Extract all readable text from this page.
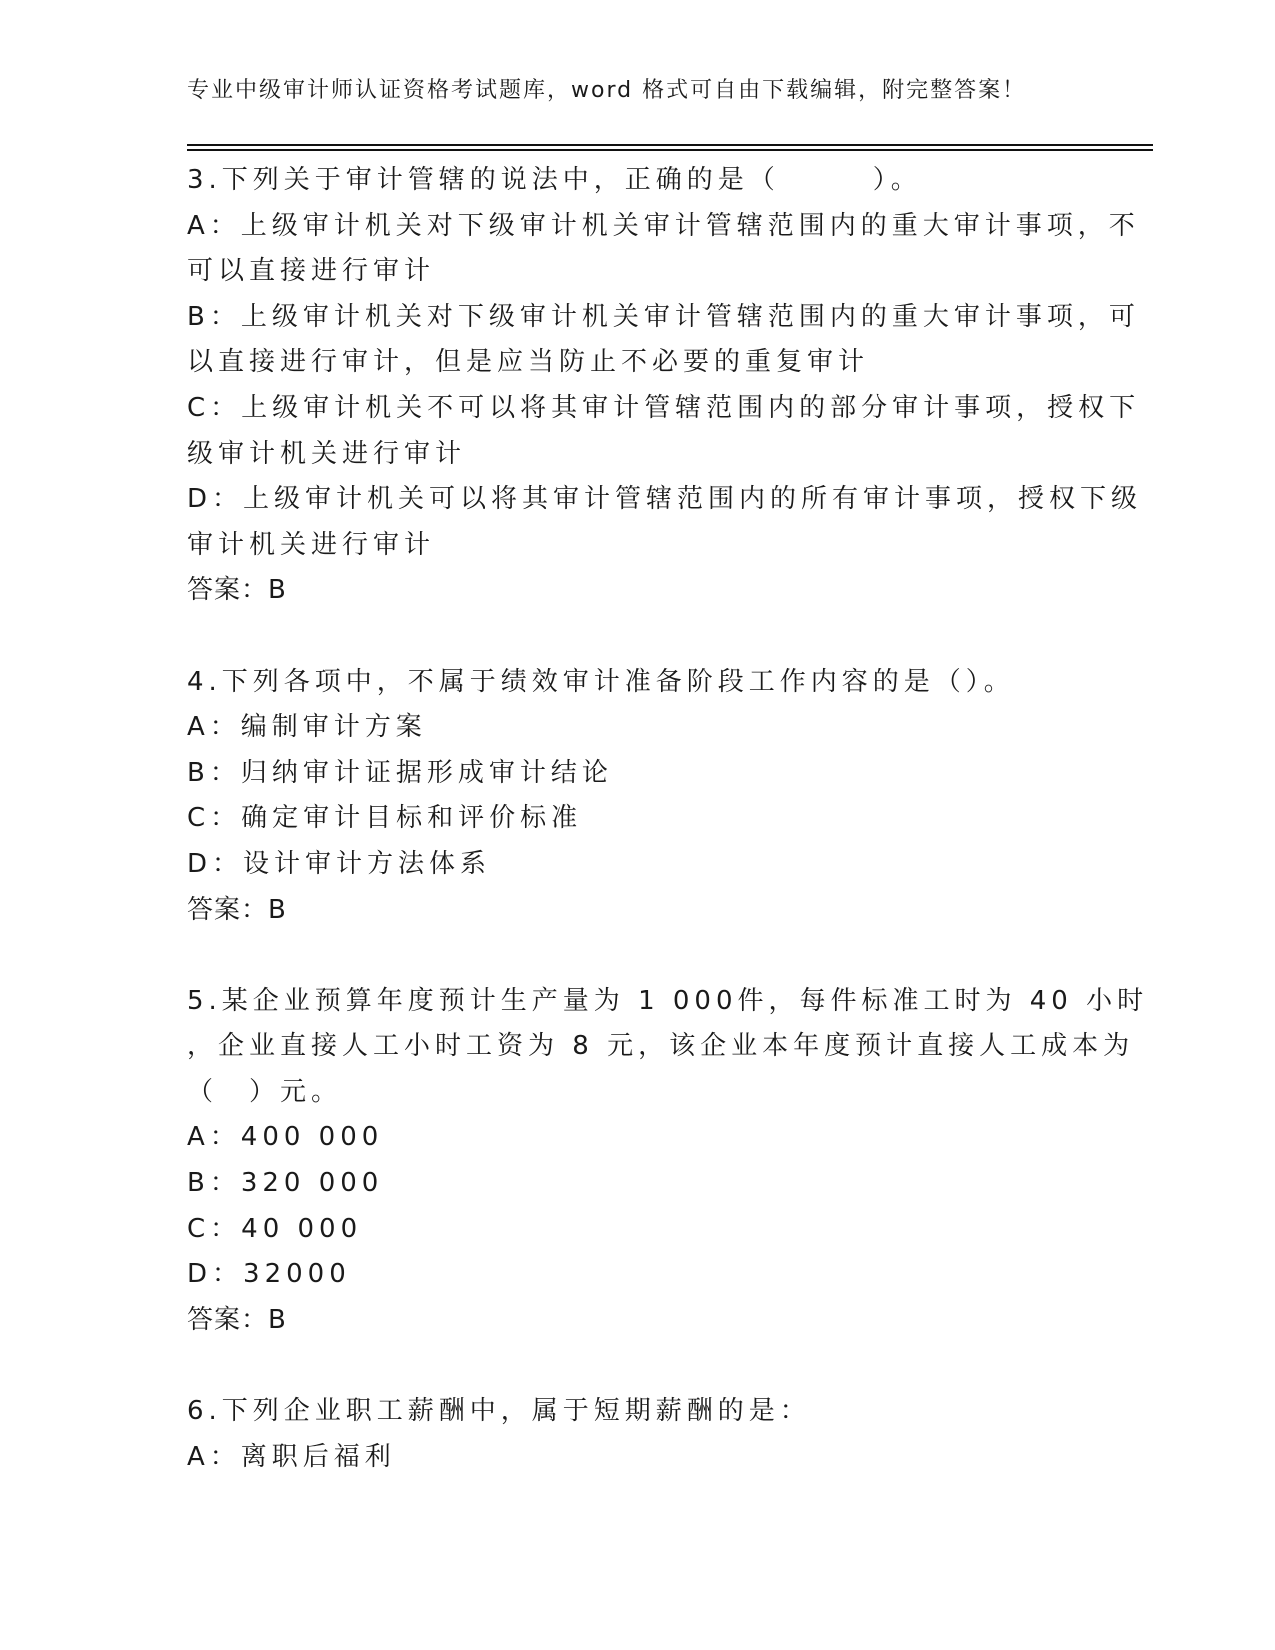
专业中级审计师认证资格考试题库，word 格式可自由下载编辑，附完整答案！
3.下列关于审计管辖的说法中，正确的是（　　　）。
A：上级审计机关对下级审计机关审计管辖范围内的重大审计事项，不
可以直接进行审计
B：上级审计机关对下级审计机关审计管辖范围内的重大审计事项，可
以直接进行审计，但是应当防止不必要的重复审计
C：上级审计机关不可以将其审计管辖范围内的部分审计事项，授权下
级审计机关进行审计
D：上级审计机关可以将其审计管辖范围内的所有审计事项，授权下级
审计机关进行审计
答案：B
4.下列各项中，不属于绩效审计准备阶段工作内容的是（）。
A：编制审计方案
B：归纳审计证据形成审计结论
C：确定审计目标和评价标准
D：设计审计方法体系
答案：B
5.某企业预算年度预计生产量为 1 000件，每件标准工时为 40 小时
，企业直接人工小时工资为 8 元，该企业本年度预计直接人工成本为
（　）元。
A：400 000
B：320 000
C：40 000
D：32000
答案：B
6.下列企业职工薪酬中，属于短期薪酬的是：
A：离职后福利
